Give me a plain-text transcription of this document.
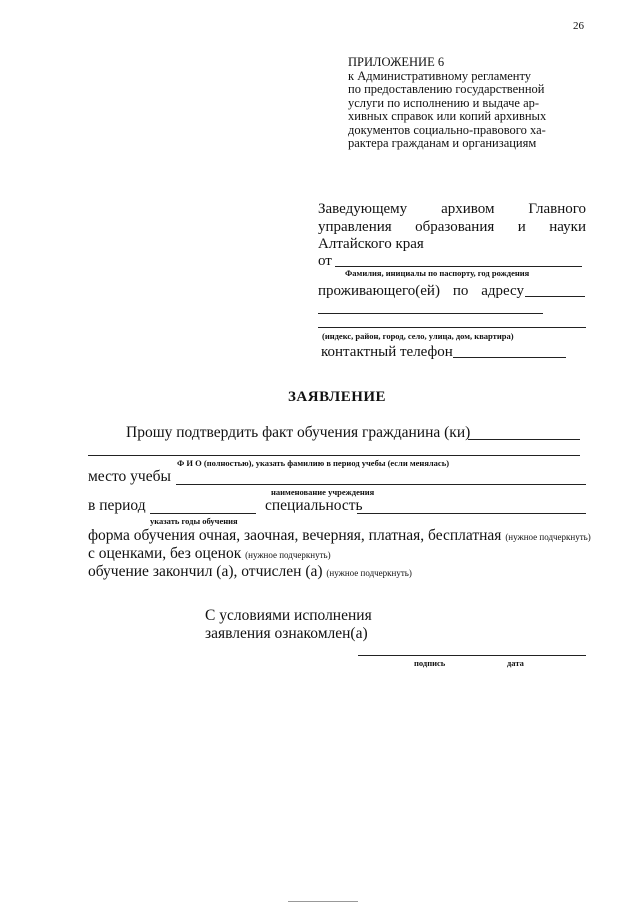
26
ПРИЛОЖЕНИЕ 6
к Административному регламенту
по предоставлению государственной
услуги по исполнению и выдаче ар-
хивных справок или копий архивных
документов социально-правового ха-
рактера гражданам и организациям
Заведующему архивом Главного
управления образования и науки
Алтайского края
от
Фамилия, инициалы по паспорту, год рождения
проживающего(ей) по адресу
(индекс, район, город, село, улица, дом, квартира)
контактный телефон
ЗАЯВЛЕНИЕ
Прошу подтвердить факт обучения гражданина (ки)
Ф И О (полностью), указать фамилию в период учебы (если менялась)
место учебы
наименование учреждения
в период	специальность
указать годы обучения
форма обучения очная, заочная, вечерняя, платная, бесплатная (нужное подчеркнуть)
с оценками, без оценок (нужное подчеркнуть)
обучение закончил (а), отчислен (а) (нужное подчеркнуть)
С условиями исполнения
заявления ознакомлен(а)
подпись	дата
